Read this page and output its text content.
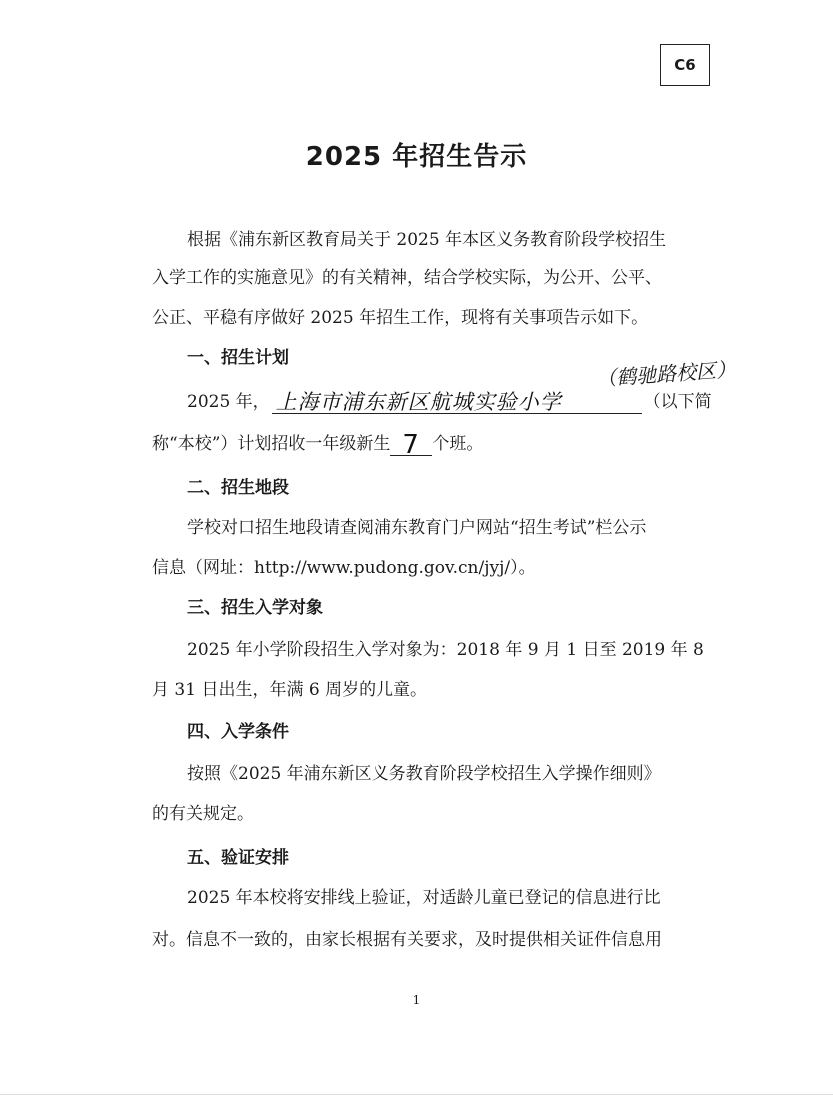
C6
2025 年招生告示
根据《浦东新区教育局关于 2025 年本区义务教育阶段学校招生
入学工作的实施意见》的有关精神，结合学校实际，为公开、公平、
公正、平稳有序做好 2025 年招生工作，现将有关事项告示如下。
一、招生计划
2025 年， 上海市浦东新区航城实验小学	（以下简
（鹤驰路校区）
称“本校”）计划招收一年级新生 7 个班。
二、招生地段
学校对口招生地段请查阅浦东教育门户网站“招生考试”栏公示
信息（网址：http://www.pudong.gov.cn/jyj/）。
三、招生入学对象
2025 年小学阶段招生入学对象为：2018 年 9 月 1 日至 2019 年 8
月 31 日出生，年满 6 周岁的儿童。
四、入学条件
按照《2025 年浦东新区义务教育阶段学校招生入学操作细则》
的有关规定。
五、验证安排
2025 年本校将安排线上验证，对适龄儿童已登记的信息进行比
对。信息不一致的，由家长根据有关要求，及时提供相关证件信息用
1
